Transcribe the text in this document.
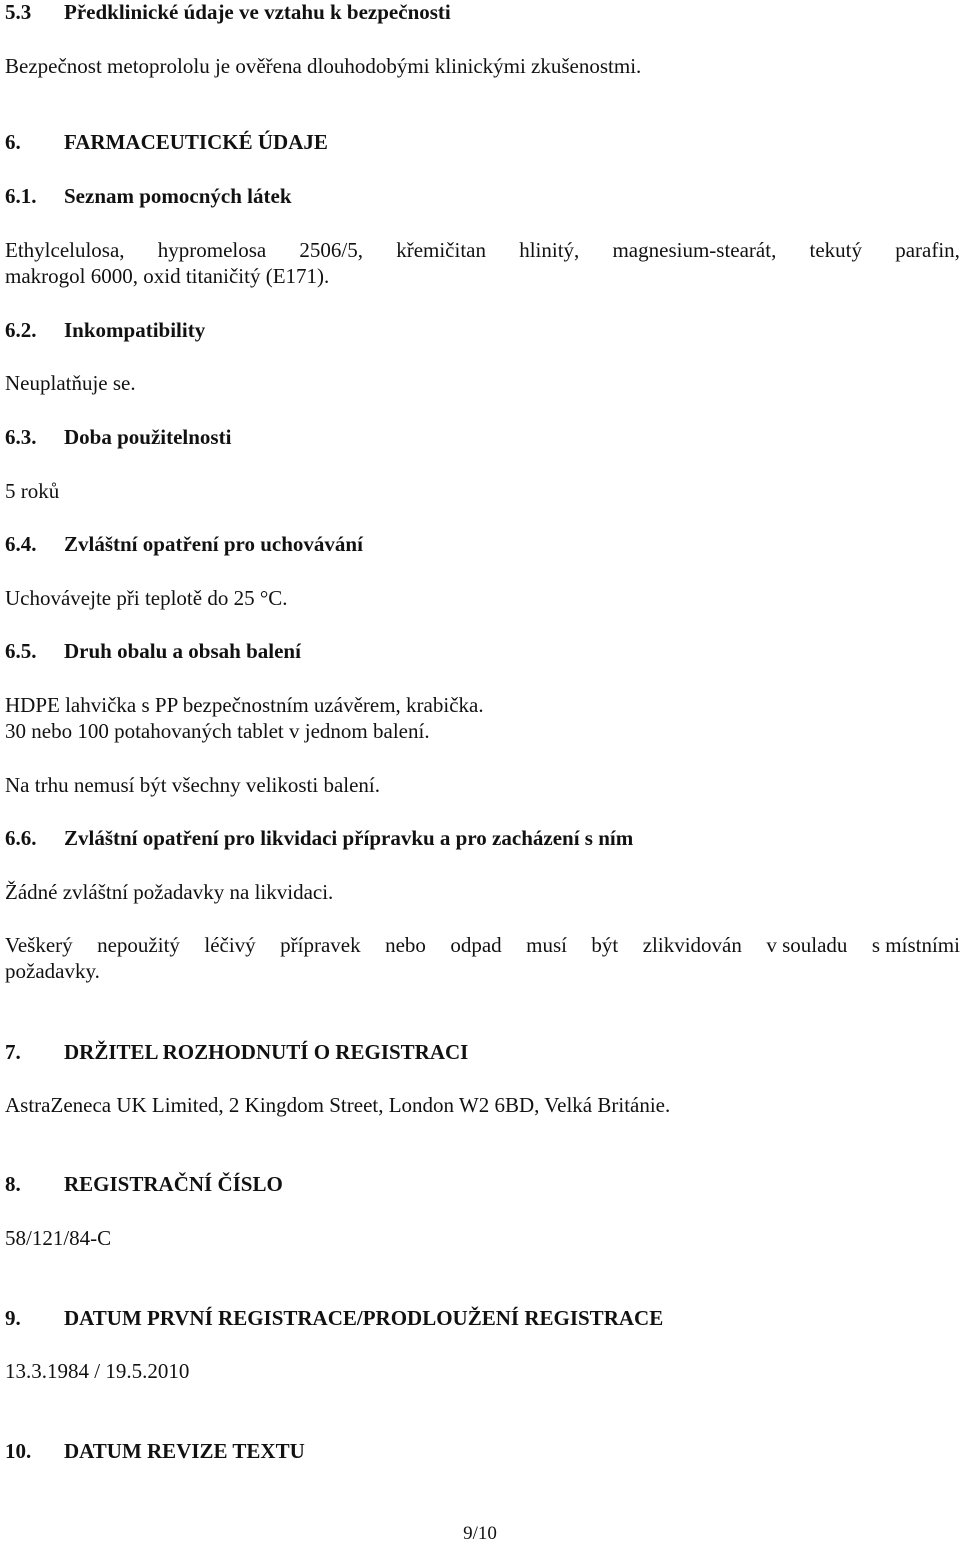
5.3 Předklinické údaje ve vztahu k bezpečnosti
Bezpečnost metoprololu je ověřena dlouhodobými klinickými zkušenostmi.
6. FARMACEUTICKÉ ÚDAJE
6.1. Seznam pomocných látek
Ethylcelulosa, hypromelosa 2506/5, křemičitan hlinitý, magnesium-stearát, tekutý parafin,
makrogol 6000, oxid titaničitý (E171).
6.2. Inkompatibility
Neuplatňuje se.
6.3. Doba použitelnosti
5 roků
6.4. Zvláštní opatření pro uchovávání
Uchovávejte při teplotě do 25 °C.
6.5. Druh obalu a obsah balení
HDPE lahvička s PP bezpečnostním uzávěrem, krabička.
30 nebo 100 potahovaných tablet v jednom balení.
Na trhu nemusí být všechny velikosti balení.
6.6. Zvláštní opatření pro likvidaci přípravku a pro zacházení s ním
Žádné zvláštní požadavky na likvidaci.
Veškerý nepoužitý léčivý přípravek nebo odpad musí být zlikvidován v souladu s místními
požadavky.
7. DRŽITEL ROZHODNUTÍ O REGISTRACI
AstraZeneca UK Limited, 2 Kingdom Street, London W2 6BD, Velká Británie.
8. REGISTRAČNÍ ČÍSLO
58/121/84-C
9. DATUM PRVNÍ REGISTRACE/PRODLOUŽENÍ REGISTRACE
13.3.1984 / 19.5.2010
10. DATUM REVIZE TEXTU
9/10
